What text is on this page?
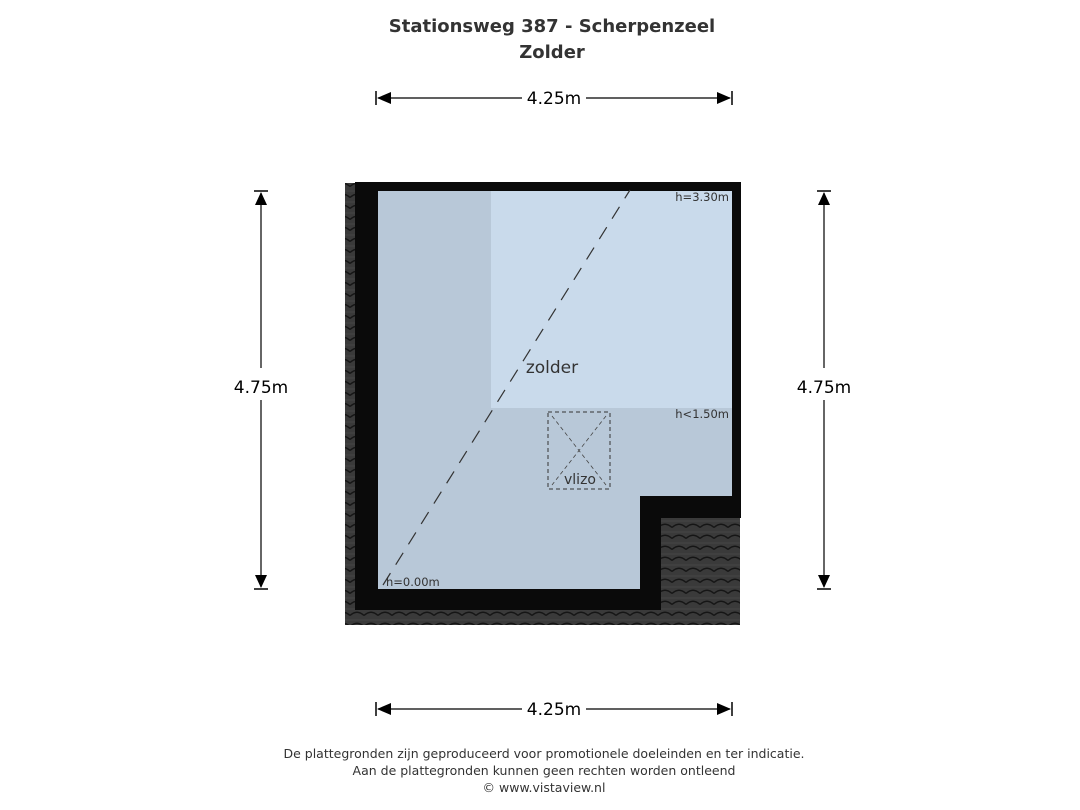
Stationsweg 387 - Scherpenzeel
Zolder
zolder
vlizo
h=3.30m
h<1.50m
h=0.00m
4.25m
4.25m
4.75m	4.75m
De plattegronden zijn geproduceerd voor promotionele doeleinden en ter indicatie.
Aan de plattegronden kunnen geen rechten worden ontleend
© www.vistaview.nl
